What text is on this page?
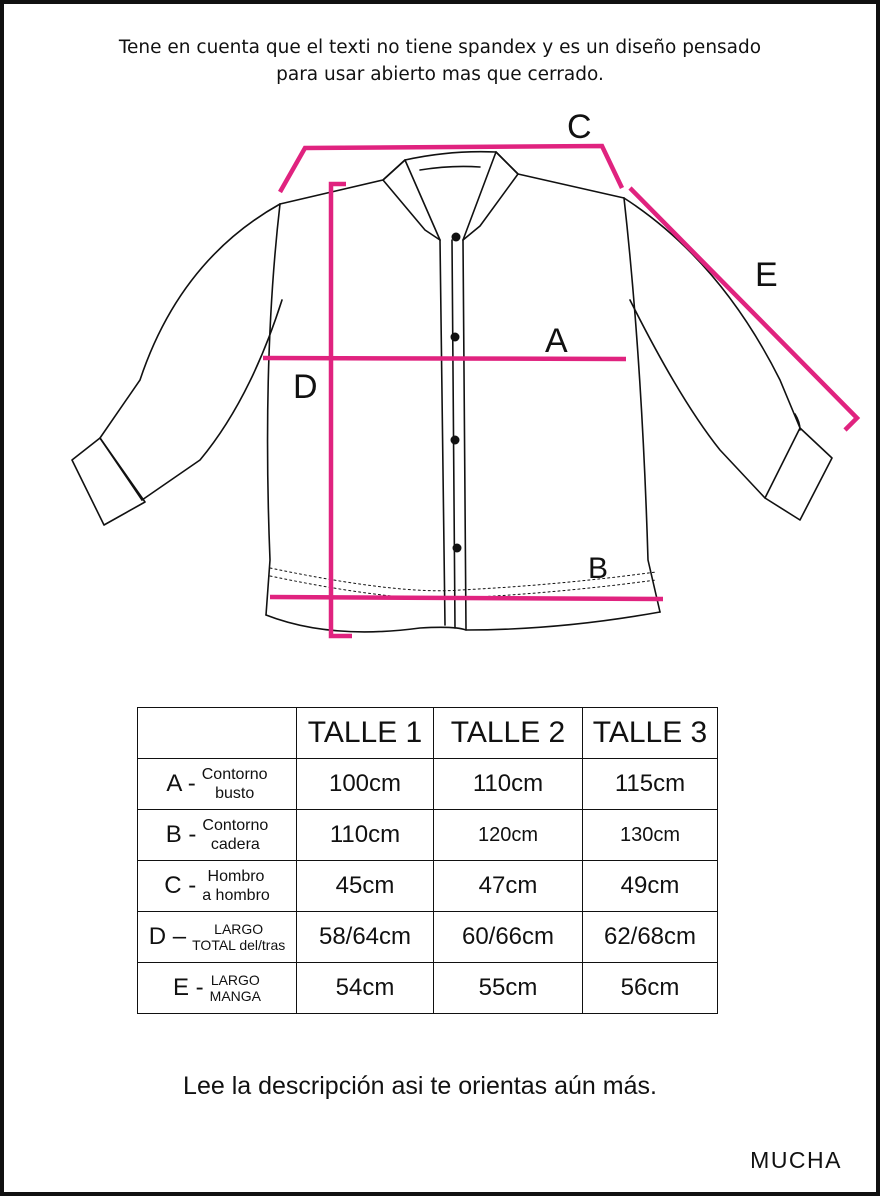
Tene en cuenta que el texti no tiene spandex y es un diseño pensado
para usar abierto mas que cerrado.
C
E
A
D
B
	TALLE 1	TALLE 2	TALLE 3

A - Contorno
busto	100cm	110cm	115cm

B - Contorno
cadera	110cm	120cm	130cm

C - Hombro
a hombro	45cm	47cm	49cm

D – LARGO
TOTAL del/tras	58/64cm	60/66cm	62/68cm

E - LARGO
MANGA	54cm	55cm	56cm
Lee la descripción asi te orientas aún más.
MUCHA
